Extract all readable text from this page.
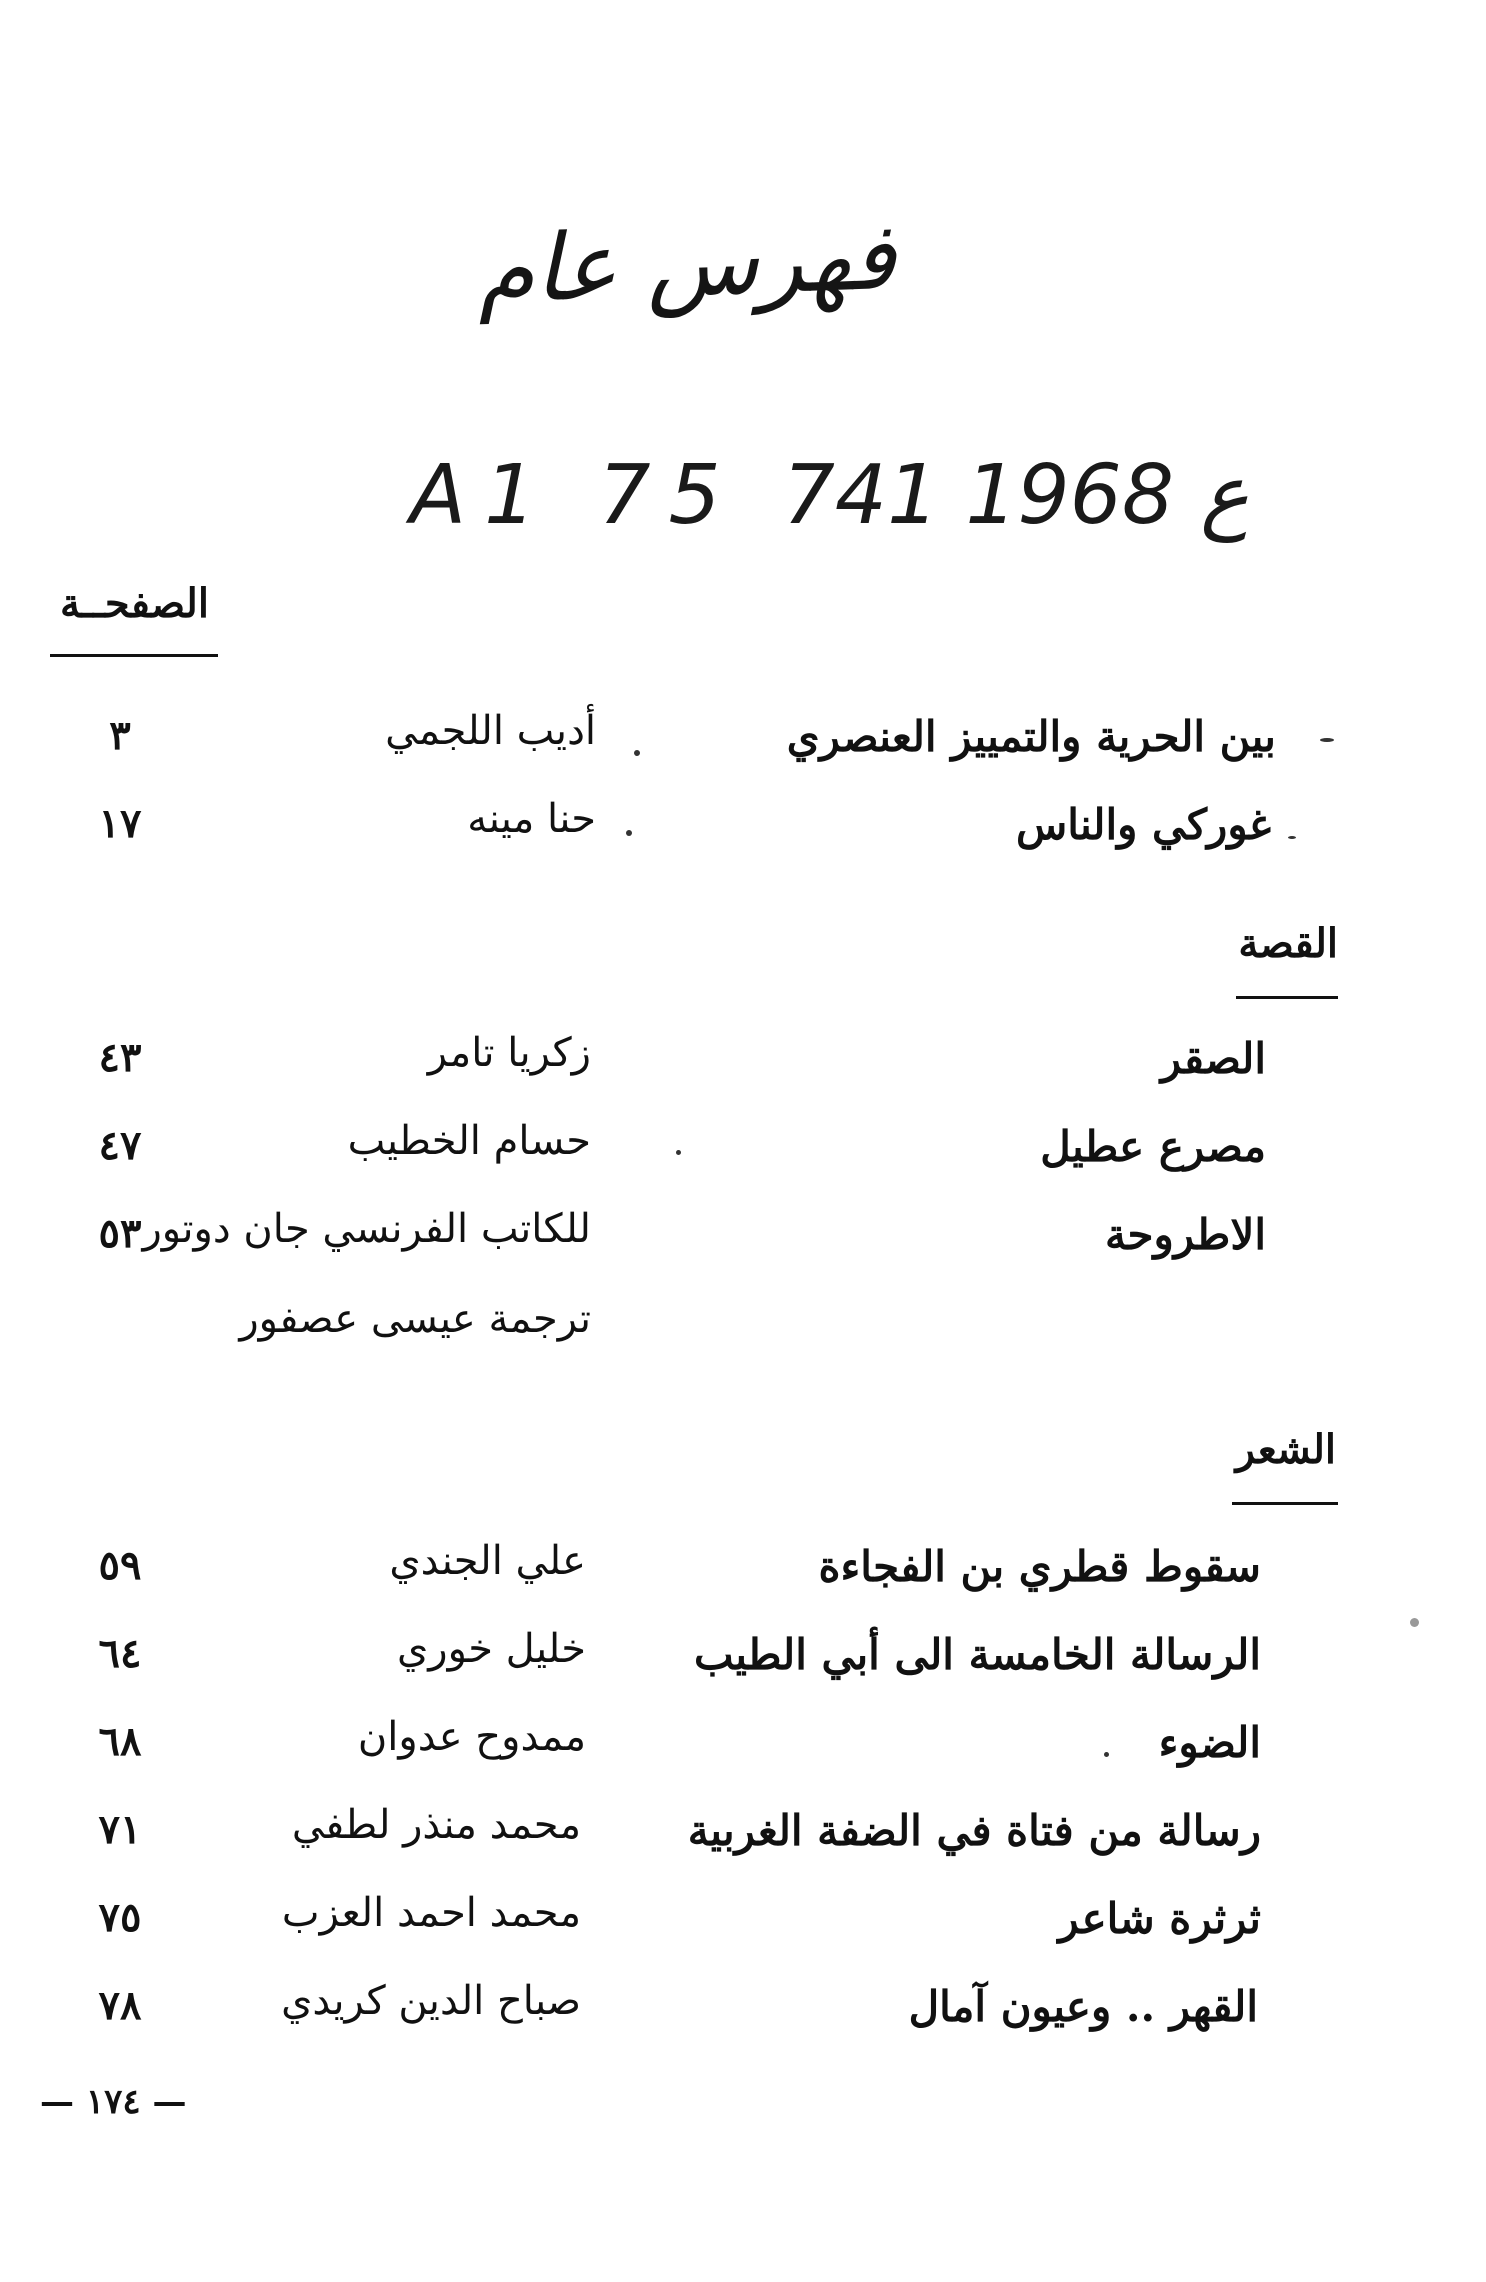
فهرس عام
A1 75 ع 1968 741
الصفحــة
بين الحرية والتمييز العنصري
أديب اللجمي
٣
غوركي والناس
حنا مينه
١٧
القصة
الصقر
زكريا تامر
٤٣
مصرع عطيل
حسام الخطيب
٤٧
الاطروحة
للكاتب الفرنسي جان دوتور
٥٣
ترجمة عيسى عصفور
الشعر
سقوط قطري بن الفجاءة
علي الجندي
٥٩
الرسالة الخامسة الى أبي الطيب
خليل خوري
٦٤
الضوء
ممدوح عدوان
٦٨
رسالة من فتاة في الضفة الغربية
محمد منذر لطفي
٧١
ثرثرة شاعر
محمد احمد العزب
٧٥
القهر .. وعيون آمال
صباح الدين كريدي
٧٨
— ١٧٤ —
